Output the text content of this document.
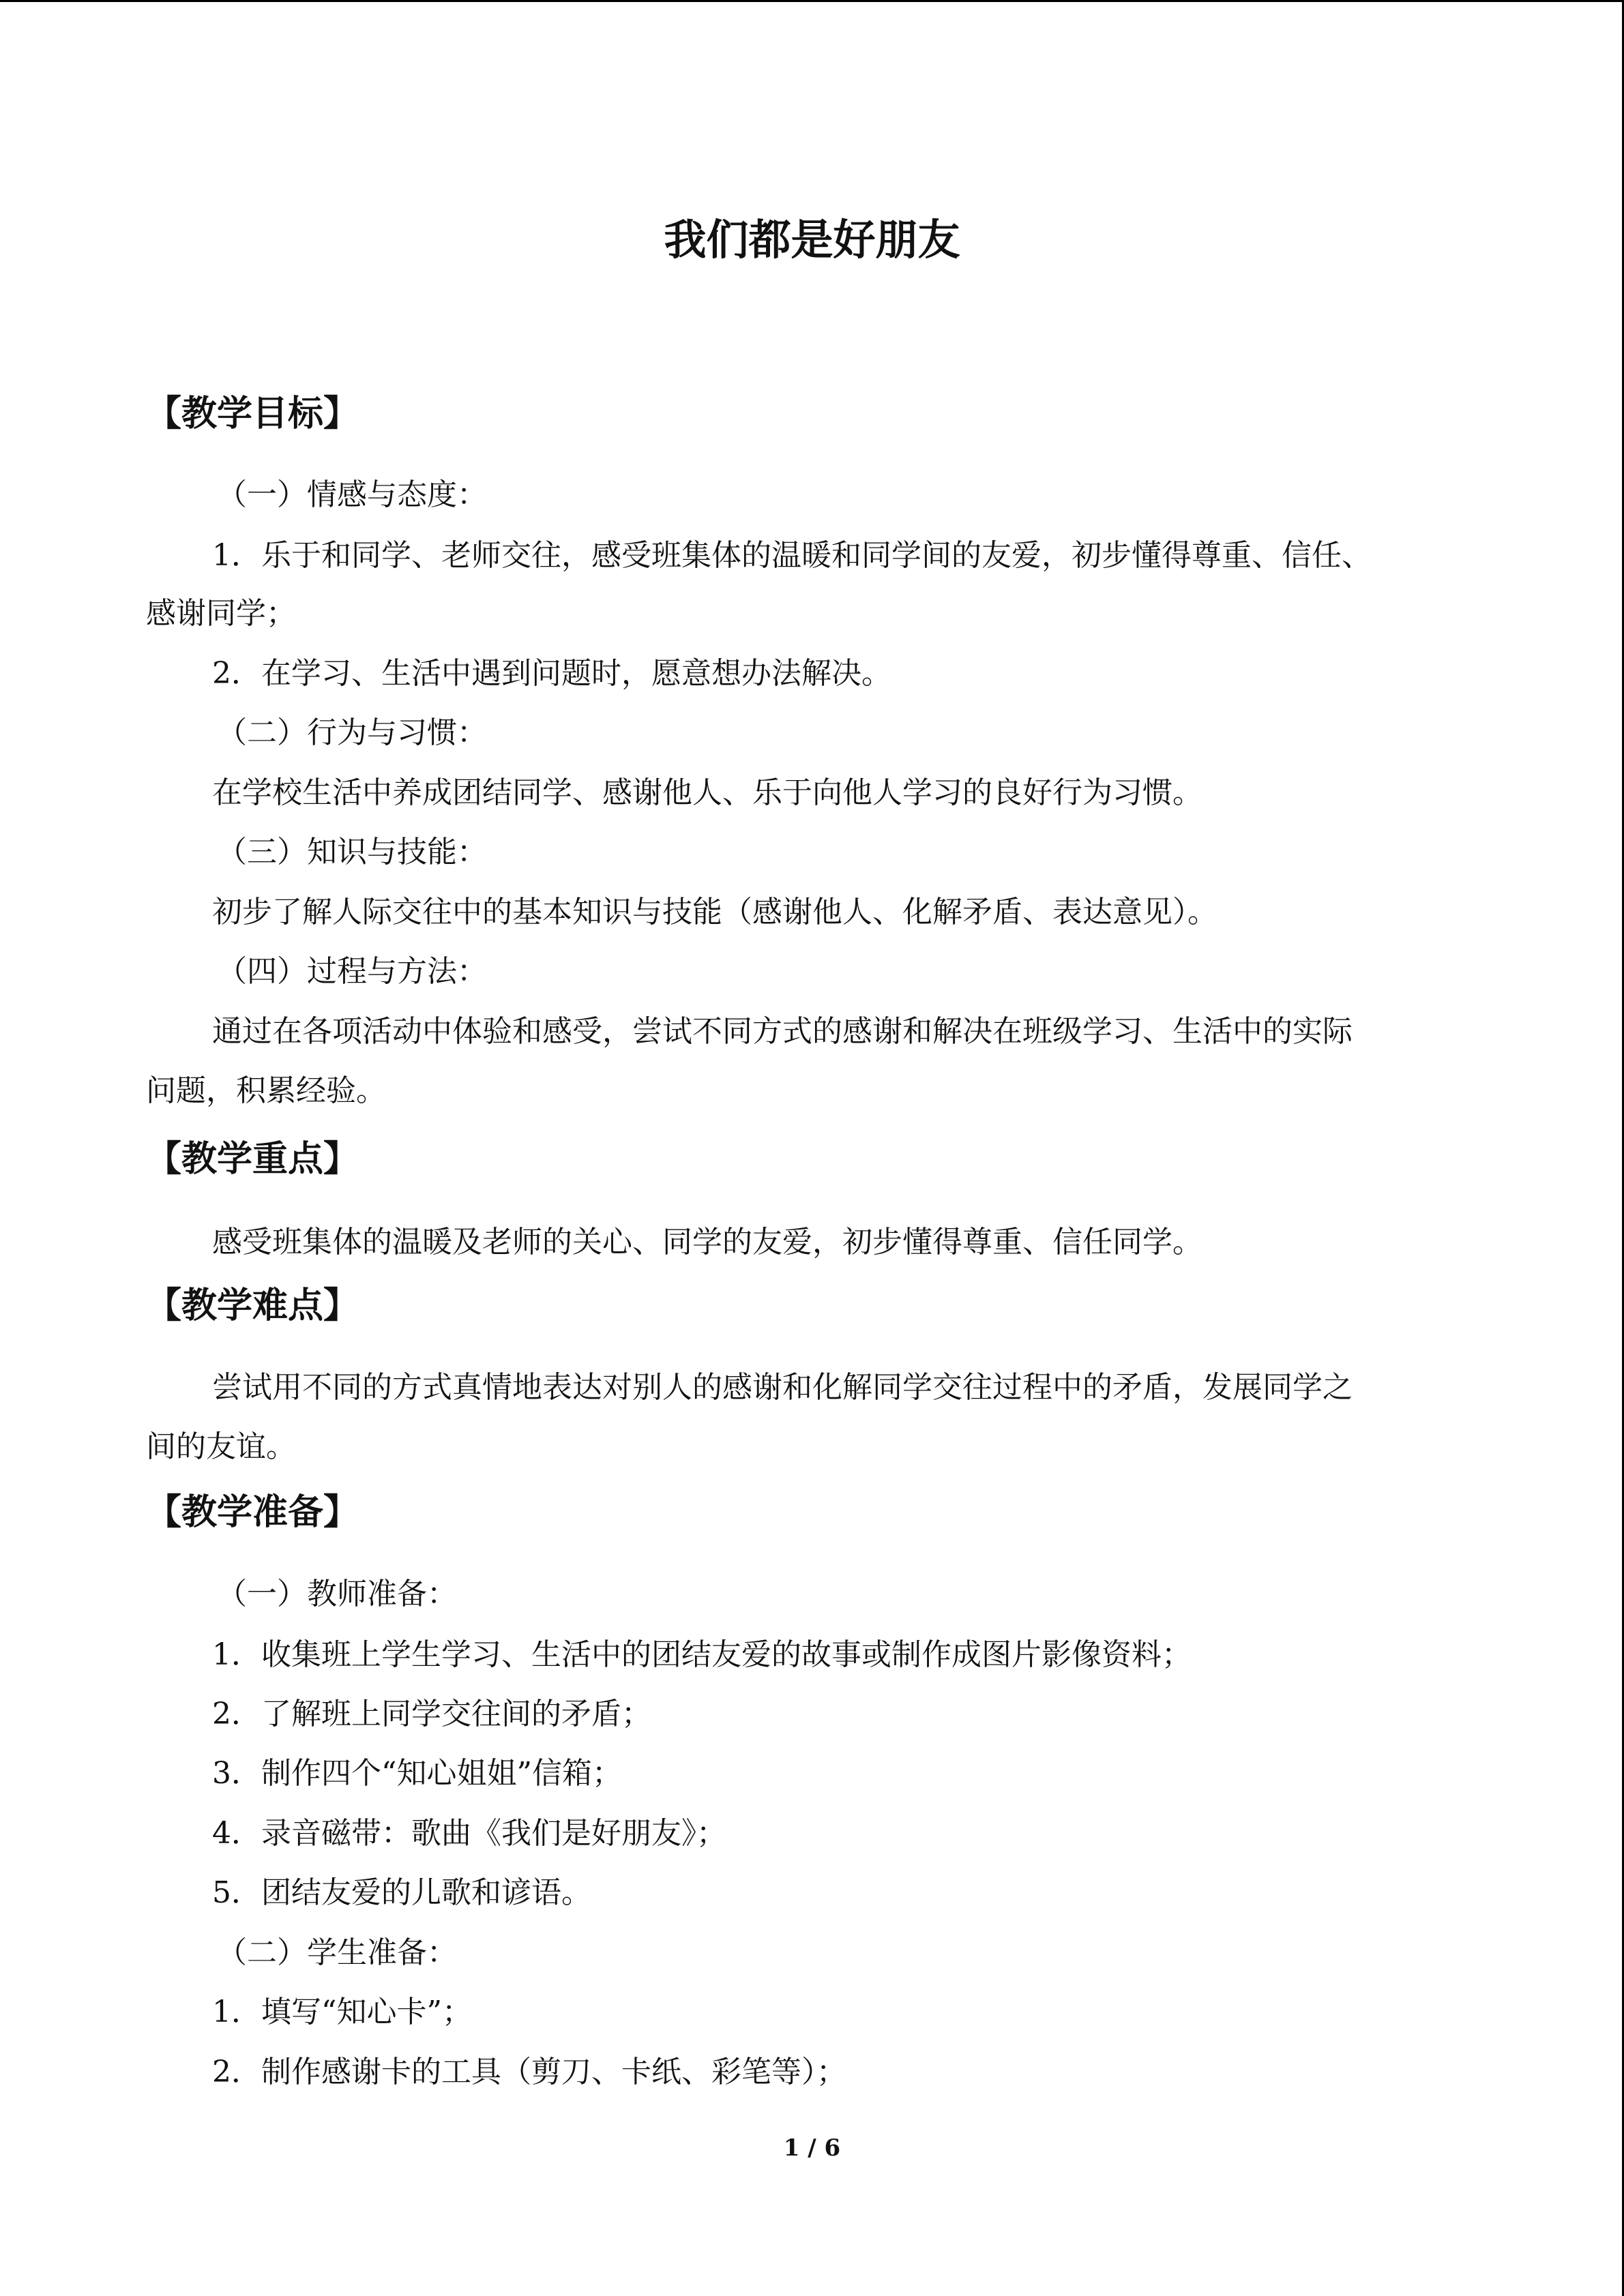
我们都是好朋友
【教学目标】
（一）情感与态度：
1．乐于和同学、老师交往，感受班集体的温暖和同学间的友爱，初步懂得尊重、信任、
感谢同学；
2．在学习、生活中遇到问题时，愿意想办法解决。
（二）行为与习惯：
在学校生活中养成团结同学、感谢他人、乐于向他人学习的良好行为习惯。
（三）知识与技能：
初步了解人际交往中的基本知识与技能（感谢他人、化解矛盾、表达意见）。
（四）过程与方法：
通过在各项活动中体验和感受，尝试不同方式的感谢和解决在班级学习、生活中的实际
问题，积累经验。
【教学重点】
感受班集体的温暖及老师的关心、同学的友爱，初步懂得尊重、信任同学。
【教学难点】
尝试用不同的方式真情地表达对别人的感谢和化解同学交往过程中的矛盾，发展同学之
间的友谊。
【教学准备】
（一）教师准备：
1．收集班上学生学习、生活中的团结友爱的故事或制作成图片影像资料；
2．了解班上同学交往间的矛盾；
3．制作四个“知心姐姐”信箱；
4．录音磁带：歌曲《我们是好朋友》；
5．团结友爱的儿歌和谚语。
（二）学生准备：
1．填写“知心卡”；
2．制作感谢卡的工具（剪刀、卡纸、彩笔等）；
1 / 6
